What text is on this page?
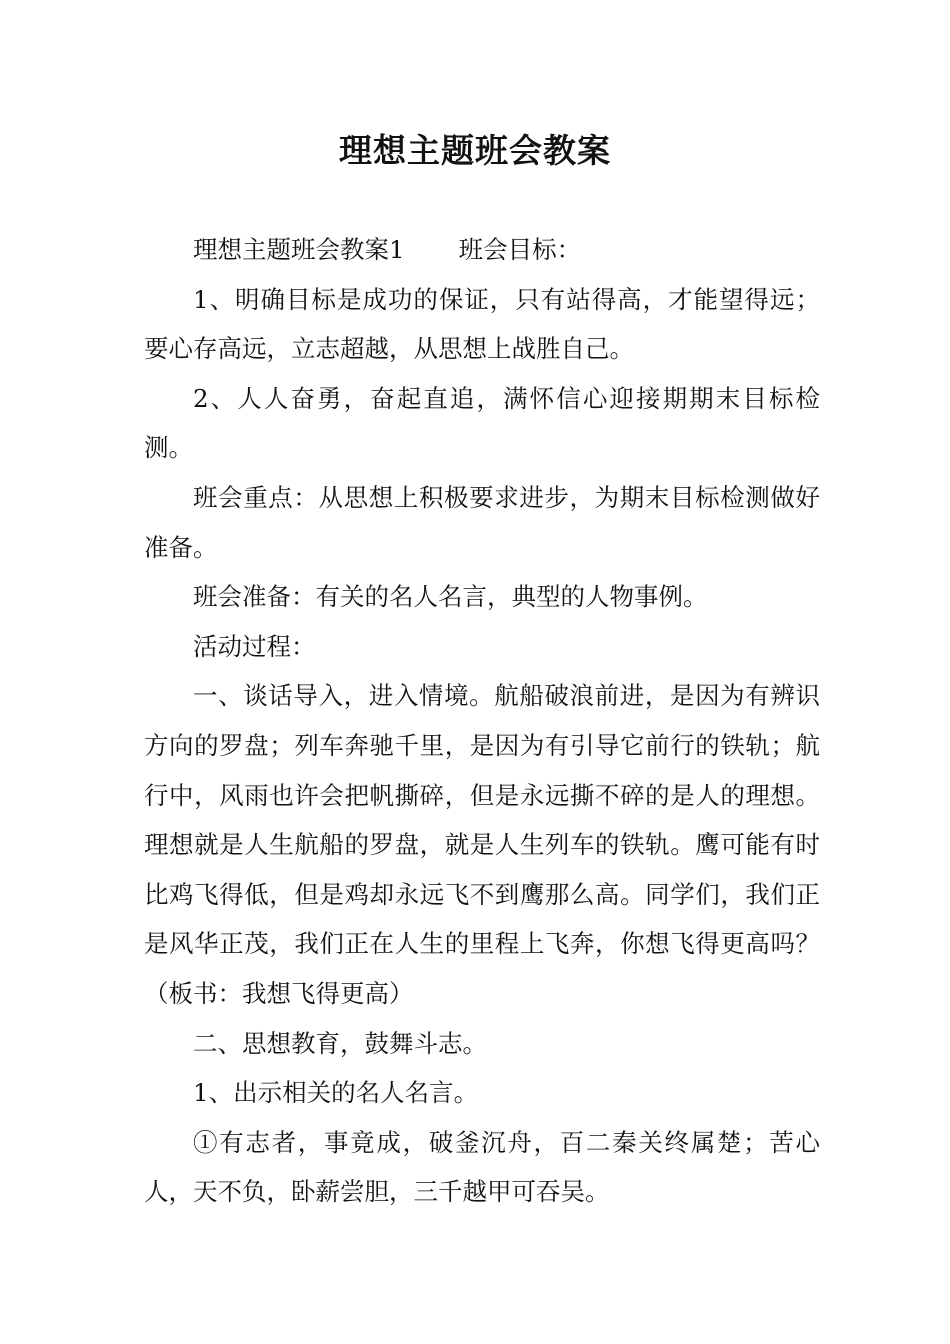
理想主题班会教案

理想主题班会教案1 班会目标：

1、明确目标是成功的保证，只有站得高，才能望得远；要心存高远，立志超越，从思想上战胜自己。

2、人人奋勇，奋起直追，满怀信心迎接期期末目标检测。

班会重点：从思想上积极要求进步，为期末目标检测做好准备。

班会准备：有关的名人名言，典型的人物事例。

活动过程：

一、谈话导入，进入情境。航船破浪前进，是因为有辨识方向的罗盘；列车奔驰千里，是因为有引导它前行的铁轨；航行中，风雨也许会把帆撕碎，但是永远撕不碎的是人的理想。理想就是人生航船的罗盘，就是人生列车的铁轨。鹰可能有时比鸡飞得低，但是鸡却永远飞不到鹰那么高。同学们，我们正是风华正茂，我们正在人生的里程上飞奔，你想飞得更高吗？（板书：我想飞得更高）

二、思想教育，鼓舞斗志。

1、出示相关的名人名言。

①有志者，事竟成，破釜沉舟，百二秦关终属楚；苦心人，天不负，卧薪尝胆，三千越甲可吞吴。
